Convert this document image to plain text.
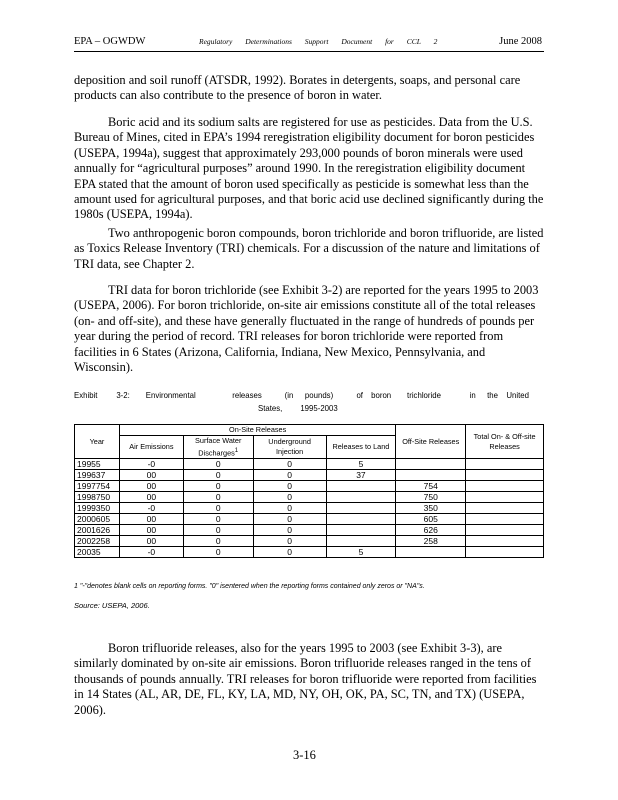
EPA – OGWDW	Regulatory Determinations Support Document for CCL 2	June 2008

deposition and soil runoff (ATSDR, 1992). Borates in detergents, soaps, and personal care products can also contribute to the presence of boron in water.

Boric acid and its sodium salts are registered for use as pesticides. Data from the U.S. Bureau of Mines, cited in EPA’s 1994 reregistration eligibility document for boron pesticides (USEPA, 1994a), suggest that approximately 293,000 pounds of boron minerals were used annually for “agricultural purposes” around 1990. In the reregistration eligibility document EPA stated that the amount of boron used specifically as pesticide is somewhat less than the amount used for agricultural purposes, and that boric acid use declined significantly during the 1980s (USEPA, 1994a).

Two anthropogenic boron compounds, boron trichloride and boron trifluoride, are listed as Toxics Release Inventory (TRI) chemicals. For a discussion of the nature and limitations of TRI data, see Chapter 2.

TRI data for boron trichloride (see Exhibit 3-2) are reported for the years 1995 to 2003 (USEPA, 2006). For boron trichloride, on-site air emissions constitute all of the total releases (on- and off-site), and these have generally fluctuated in the range of hundreds of pounds per year during the period of record. TRI releases for boron trichloride were reported from facilities in 6 States (Arizona, California, Indiana, New Mexico, Pennsylvania, and Wisconsin).

Exhibit 3-2: Environmental	releases	(in pounds)	of boron trichloride	in the United
States, 1995-2003
Year	On-Site Releases				Off-Site Releases	Total On- & Off-site Releases
	Air Emissions	Surface Water Discharges$^1$	Underground Injection	Releases to Land		
19955	-0	0	0	5		
199637	00	0	0	37		
1997754	00	0	0		754	
1998750	00	0	0		750	
1999350	-0	0	0		350	
2000605	00	0	0		605	
2001626	00	0	0		626	
2002258	00	0	0		258	
20035	-0	0	0	5		
1 "-"denotes blank cells on reporting forms. "0" isentered when the reporting forms contained only zeros or "NA"s.
Source: USEPA, 2006.

Boron trifluoride releases, also for the years 1995 to 2003 (see Exhibit 3-3), are similarly dominated by on-site air emissions. Boron trifluoride releases ranged in the tens of thousands of pounds annually. TRI releases for boron trifluoride were reported from facilities in 14 States (AL, AR, DE, FL, KY, LA, MD, NY, OH, OK, PA, SC, TN, and TX) (USEPA, 2006).

3-16
